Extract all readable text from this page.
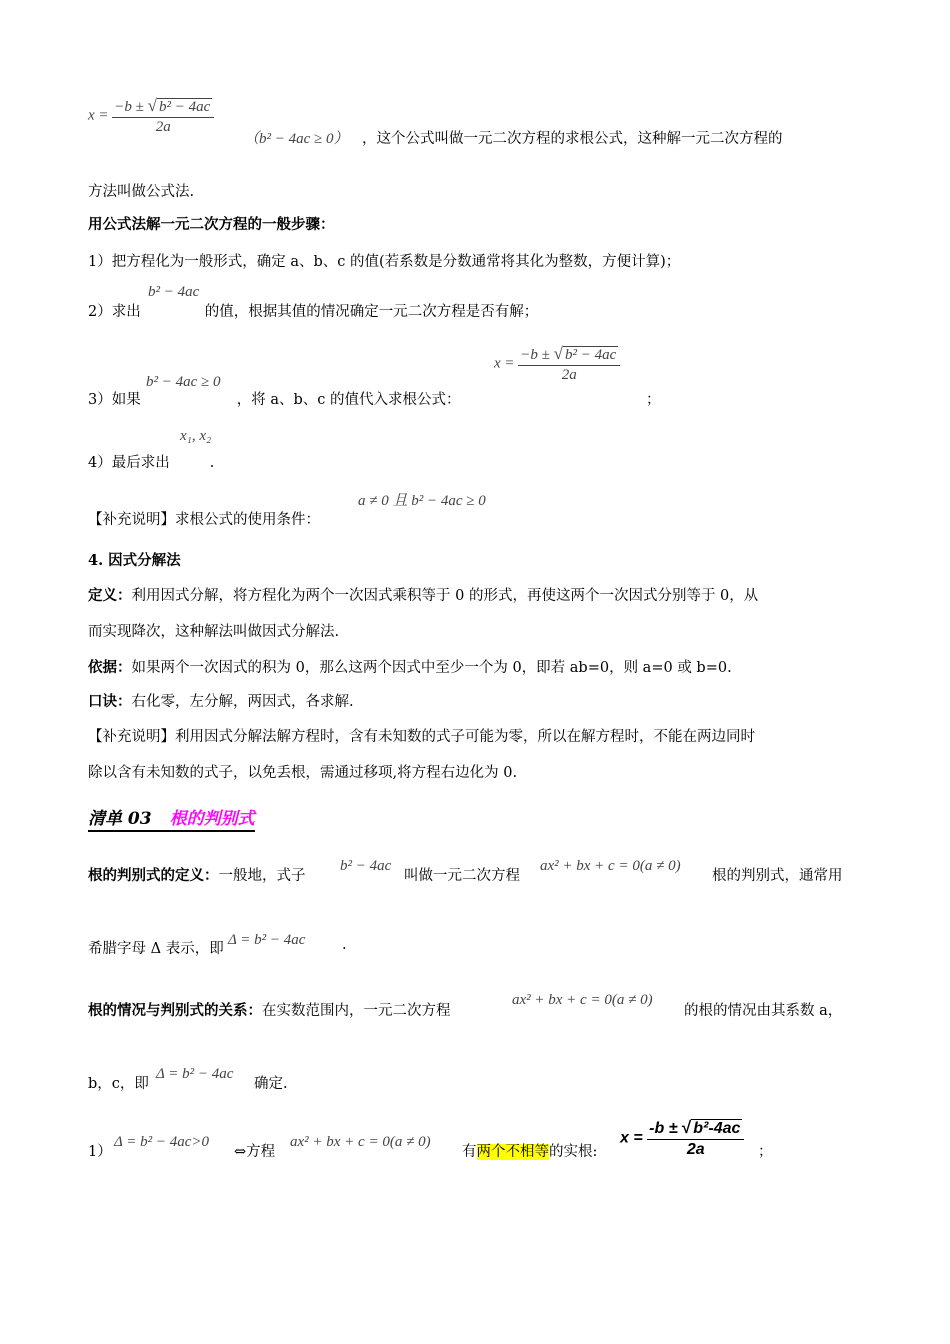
$x = \frac{\text{−b ± √ b² − 4ac}}{2a}$
（b² − 4ac ≥ 0） ，这个公式叫做一元二次方程的求根公式，这种解一元二次方程的
方法叫做公式法.
用公式法解一元二次方程的一般步骤：
1）把方程化为一般形式，确定 a、b、c 的值(若系数是分数通常将其化为整数，方便计算)；
b² − 4ac
2）求出	的值，根据其值的情况确定一元二次方程是否有解；
b² − 4ac ≥ 0
3）如果	，将 a、b、c 的值代入求根公式：
$x = \frac{\text{−b ± √ b² − 4ac}}{2a}$
；
x₁, x₂
4）最后求出	.
a ≠ 0 且 b² − 4ac ≥ 0
【补充说明】求根公式的使用条件：
4. 因式分解法
定义：利用因式分解，将方程化为两个一次因式乘积等于 0 的形式，再使这两个一次因式分别等于 0，从
而实现降次，这种解法叫做因式分解法.
依据：如果两个一次因式的积为 0，那么这两个因式中至少一个为 0，即若 ab=0，则 a=0 或 b=0.
口诀：右化零，左分解，两因式，各求解.
【补充说明】利用因式分解法解方程时，含有未知数的式子可能为零，所以在解方程时，不能在两边同时
除以含有未知数的式子，以免丢根，需通过移项,将方程右边化为 0.
清单 03 根的判别式
根的判别式的定义：一般地，式子
b² − 4ac
叫做一元二次方程
ax² + bx + c = 0(a ≠ 0)
根的判别式，通常用
希腊字母 Δ 表示，即
Δ = b² − 4ac	.
根的情况与判别式的关系：在实数范围内，一元二次方程
ax² + bx + c = 0(a ≠ 0)
的根的情况由其系数 a，
b，c，即
Δ = b² − 4ac
确定.
1）
Δ = b² − 4ac>0
⇔方程
ax² + bx + c = 0(a ≠ 0)
有两个不相等的实根:
$x = \frac{\text{-b ± √ b²-4ac}}{2a}$ ；
